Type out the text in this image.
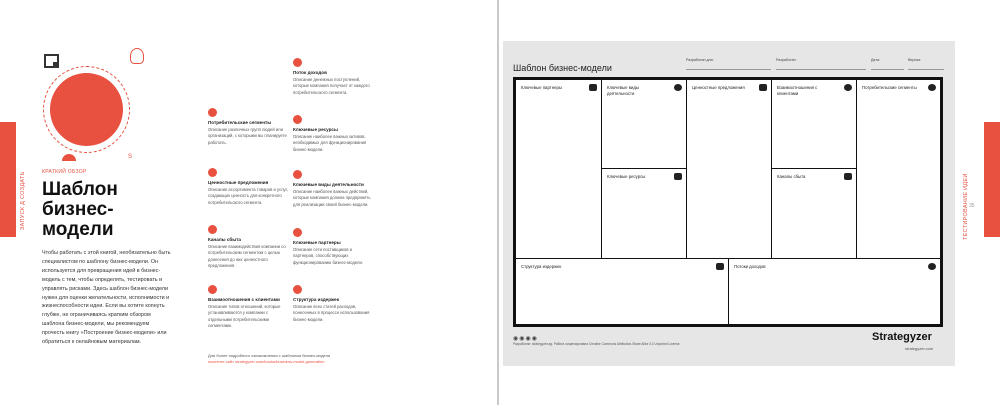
ЗАПУСК Д СОЗДАТЬ	ТЕСТИРОВАНИЕ ИДЕИ 35
S
КРАТКИЙ ОБЗОР
Шаблон бизнес-модели
Чтобы работать с этой книгой, необязательно быть специалистом по шаблону бизнес-модели. Он используется для превращения идей в бизнес-модель с тем, чтобы определять, тестировать и управлять рисками. Здесь шаблон бизнес-модели нужен для оценки желательности, исполнимости и жизнеспособности идеи. Если вы хотите копнуть глубже, не ограничиваясь кратким обзором шаблона бизнес-модели, мы рекомендуем прочесть книгу «Построение бизнес-модели» или обратиться к онлайновым материалам.
Потребительские сегменты

Описание различных групп людей или организаций, с которыми вы планируете работать.

Ценностные предложения

Описание ассортимента товаров и услуг, создающих ценность для конкретного потребительского сегмента.

Каналы сбыта

Описание взаимодействия компании со потребительским сегментом с целью донесения до них ценностного предложения.

Взаимоотношения с клиентами

Описание типов отношений, которые устанавливаются у компании с отдельными потребительскими сегментами.

Поток доходов

Описание денежных поступлений, которые компания получает от каждого потребительского сегмента.

Ключевые ресурсы

Описание наиболее важных активов, необходимых для функционирования бизнес-модели.

Ключевые виды деятельности

Описание наиболее важных действий, которые компания должна предпринять для реализации своей бизнес-модели.

Ключевые партнеры

Описание сети поставщиков и партнеров, способствующих функционированию бизнес-модели.

Структура издержек

Описание всех статей расходов, понесенных в процессе использования бизнес-модели.

Для более подробного ознакомления с шаблоном бизнес-модели
посетите сайт strategyzer.com/books/business-model-generation
Шаблон бизнес-модели
Разработан для:	Разработан:	Дата:	Версия:
Ключевые партнеры	Ключевые виды деятельности
Ключевые ресурсы
Ценностные предложения	Взаимоотношения с клиентами
Каналы сбыта
Потребительские сегменты
Структура издержек	Потоки доходов
◉◉◉◉
Разработан: strategyzer.ag. Работа лицензирована Creative Commons Attribution-Share Alike 3.0 Unported License.
Strategyzer
strategyzer.com
